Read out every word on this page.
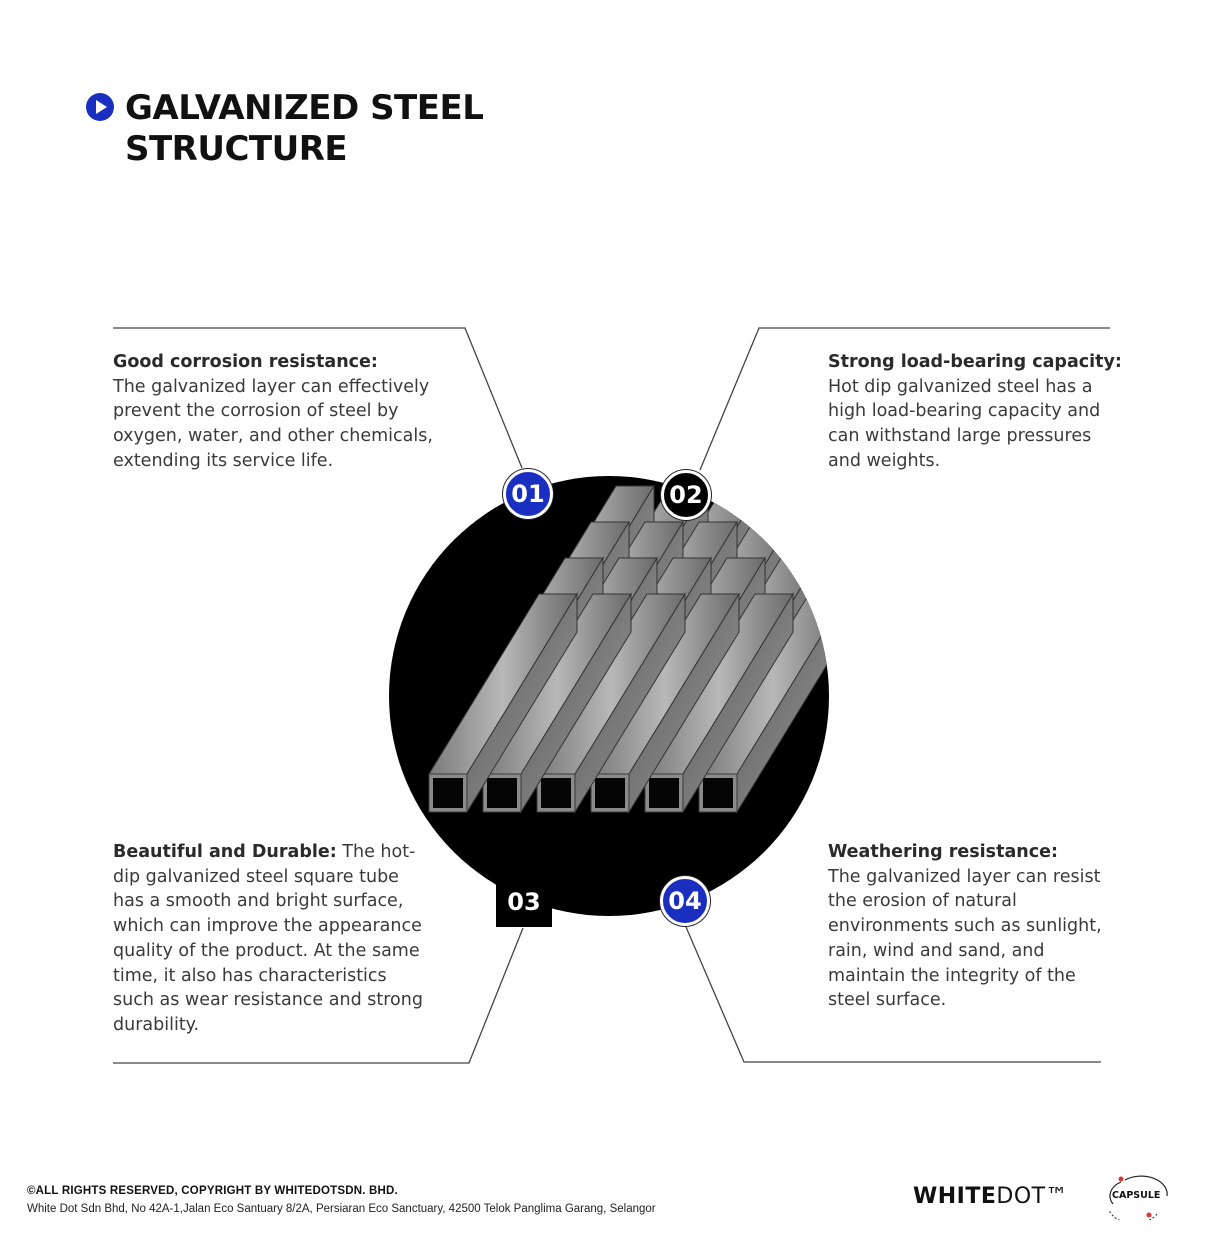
GALVANIZED STEEL
STRUCTURE
01	02
03	04
Good corrosion resistance:
The galvanized layer can effectively prevent the corrosion of steel by oxygen, water, and other chemicals, extending its service life.
Strong load-bearing capacity:
Hot dip galvanized steel has a high load-bearing capacity and can withstand large pressures and weights.
Beautiful and Durable: The hot-dip galvanized steel square tube has a smooth and bright surface, which can improve the appearance quality of the product. At the same time, it also has characteristics such as wear resistance and strong durability.
Weathering resistance:
The galvanized layer can resist the erosion of natural environments such as sunlight, rain, wind and sand, and maintain the integrity of the steel surface.
©ALL RIGHTS RESERVED, COPYRIGHT BY WHITEDOTSDN. BHD.
White Dot Sdn Bhd, No 42A-1,Jalan Eco Santuary 8/2A, Persiaran Eco Sanctuary, 42500 Telok Panglima Garang, Selangor	WHITEDOT™	CAPSULE
